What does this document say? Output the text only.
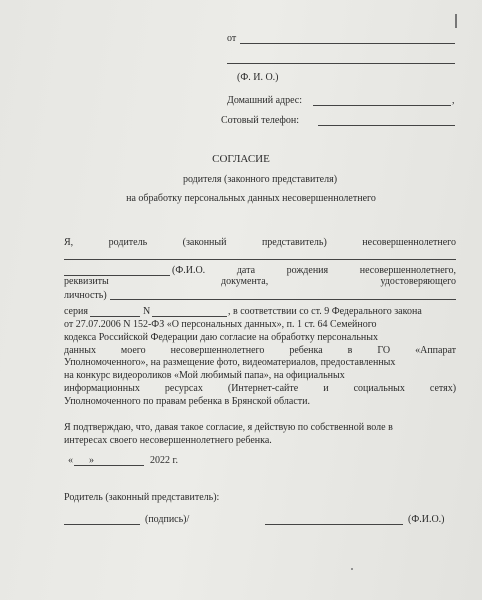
от
(Ф. И. О.)
Домашний адрес:	,
Сотовый телефон:
СОГЛАСИЕ
родителя (законного представителя)
на обработку персональных данных несовершеннолетнего
Я,	родитель	(законный	представитель)	несовершеннолетнего
(Ф.И.О.	дата	рождения	несовершеннолетнего,
реквизиты	документа,	удостоверяющего
личность)
серия	N	, в соответствии со ст. 9 Федерального закона
от 27.07.2006 N 152-ФЗ «О персональных данных», п. 1 ст. 64 Семейного
кодекса Российской Федерации даю согласие на обработку персональных
данных моего несовершеннолетнего ребенка в ГО «Аппарат
Уполномоченного», на размещение фото, видеоматериалов, предоставленных
на конкурс видеороликов «Мой любимый папа», на официальных
информационных	ресурсах	(Интернет-сайте	и	социальных	сетях)
Уполномоченного по правам ребенка в Брянской области.
Я подтверждаю, что, давая такое согласие, я действую по собственной воле в
интересах своего несовершеннолетнего ребенка.
« »	2022 г.
Родитель (законный представитель):
(подпись)/	(Ф.И.О.)
